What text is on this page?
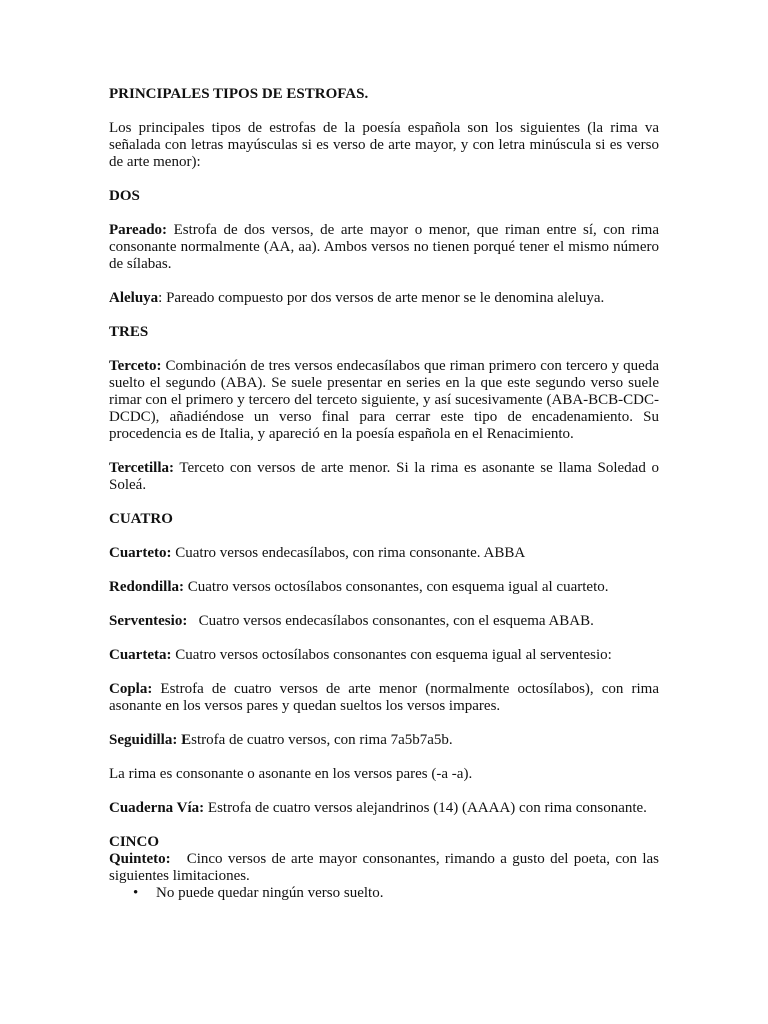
PRINCIPALES TIPOS DE ESTROFAS.

Los principales tipos de estrofas de la poesía española son los siguientes (la rima va señalada con letras mayúsculas si es verso de arte mayor, y con letra minúscula si es verso de arte menor):

DOS

Pareado: Estrofa de dos versos, de arte mayor o menor, que riman entre sí, con rima consonante normalmente (AA, aa). Ambos versos no tienen porqué tener el mismo número de sílabas.

Aleluya: Pareado compuesto por dos versos de arte menor se le denomina aleluya.

TRES

Terceto: Combinación de tres versos endecasílabos que riman primero con tercero y queda suelto el segundo (ABA). Se suele presentar en series en la que este segundo verso suele rimar con el primero y tercero del terceto siguiente, y así sucesivamente (ABA-BCB-CDC-DCDC), añadiéndose un verso final para cerrar este tipo de encadenamiento. Su procedencia es de Italia, y apareció en la poesía española en el Renacimiento.

Tercetilla: Terceto con versos de arte menor. Si la rima es asonante se llama Soledad o Soleá.

CUATRO

Cuarteto: Cuatro versos endecasílabos, con rima consonante. ABBA

Redondilla: Cuatro versos octosílabos consonantes, con esquema igual al cuarteto.

Serventesio:   Cuatro versos endecasílabos consonantes, con el esquema ABAB.

Cuarteta: Cuatro versos octosílabos consonantes con esquema igual al serventesio:

Copla: Estrofa de cuatro versos de arte menor (normalmente octosílabos), con rima asonante en los versos pares y quedan sueltos los versos impares.

Seguidilla: Estrofa de cuatro versos, con rima 7a5b7a5b.

La rima es consonante o asonante en los versos pares (-a -a).

Cuaderna Vía: Estrofa de cuatro versos alejandrinos (14) (AAAA) con rima consonante.

CINCO

Quinteto:   Cinco versos de arte mayor consonantes, rimando a gusto del poeta, con las siguientes limitaciones.

• No puede quedar ningún verso suelto.
